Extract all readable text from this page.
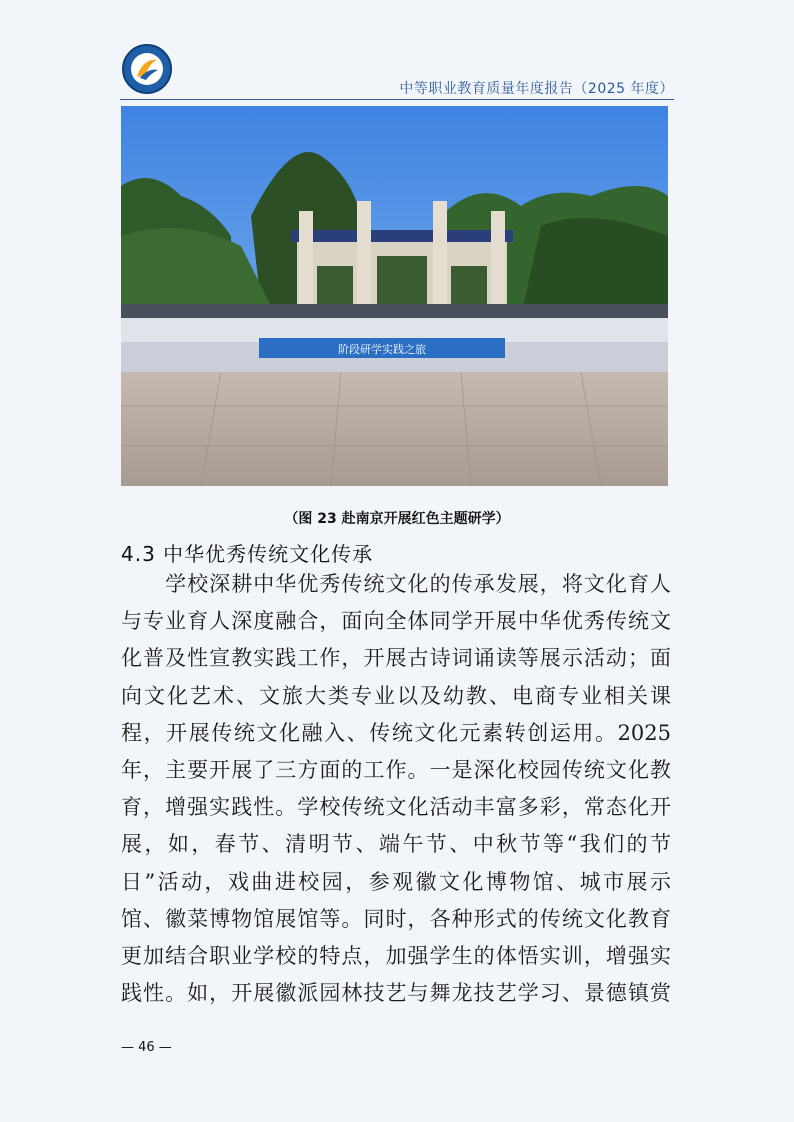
中等职业教育质量年度报告（2025 年度）
阶段研学实践之旅
（图 23 赴南京开展红色主题研学）
4.3 中华优秀传统文化传承
　　学校深耕中华优秀传统文化的传承发展，将文化育人
与专业育人深度融合，面向全体同学开展中华优秀传统文
化普及性宣教实践工作，开展古诗词诵读等展示活动；面
向文化艺术、文旅大类专业以及幼教、电商专业相关课
程，开展传统文化融入、传统文化元素转创运用。2025
年，主要开展了三方面的工作。一是深化校园传统文化教
育，增强实践性。学校传统文化活动丰富多彩，常态化开
展，如，春节、清明节、端午节、中秋节等“我们的节
日”活动，戏曲进校园，参观徽文化博物馆、城市展示
馆、徽菜博物馆展馆等。同时，各种形式的传统文化教育
更加结合职业学校的特点，加强学生的体悟实训，增强实
践性。如，开展徽派园林技艺与舞龙技艺学习、景德镇赏
— 46 —
